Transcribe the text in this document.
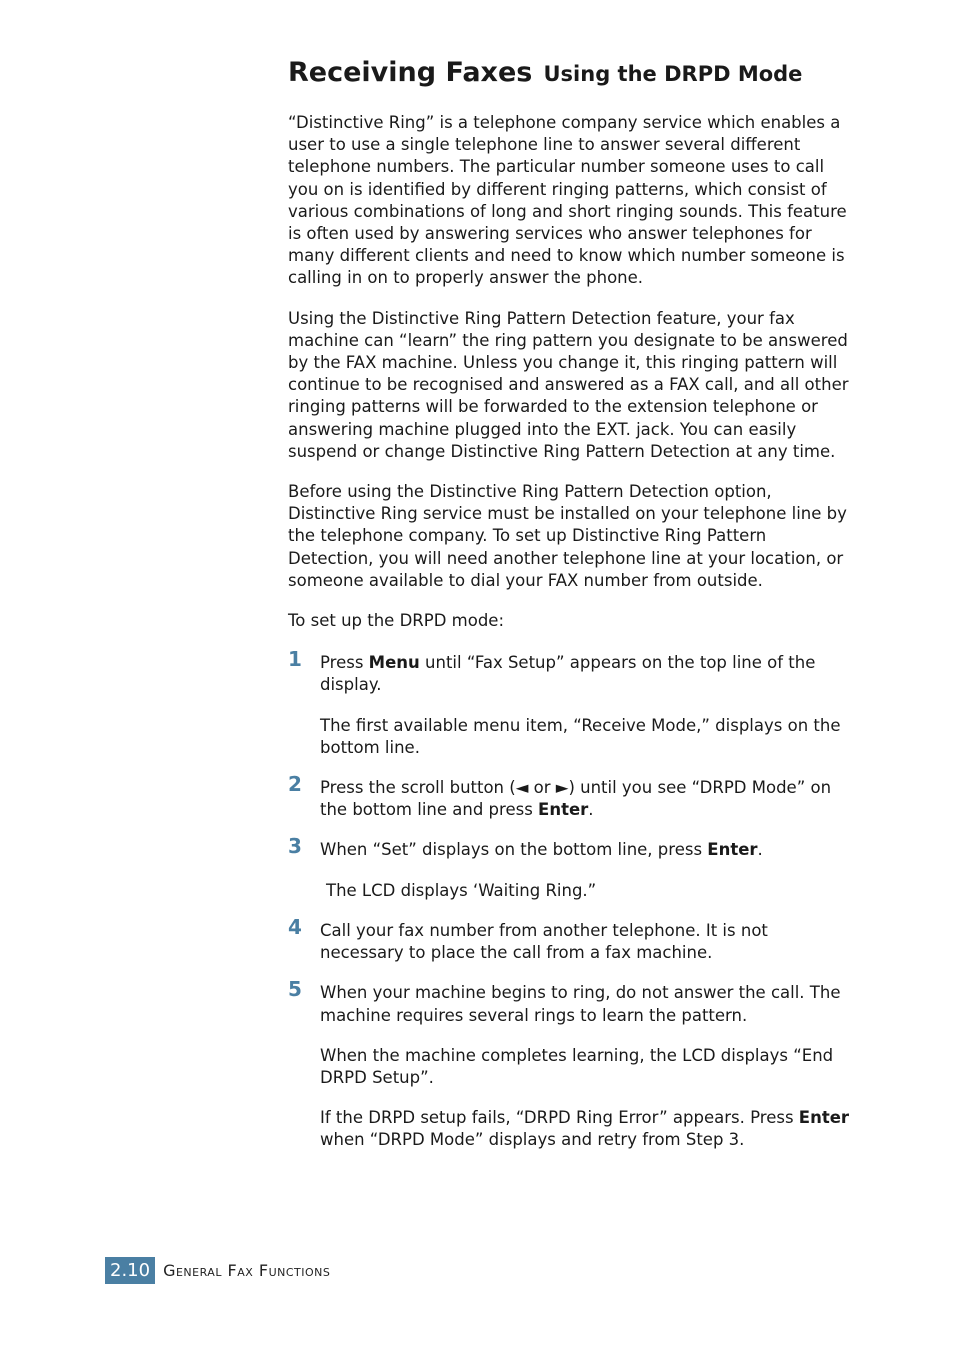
Receiving Faxes Using the DRPD Mode

“Distinctive Ring” is a telephone company service which enables a user to use a single telephone line to answer several different telephone numbers. The particular number someone uses to call you on is identified by different ringing patterns, which consist of various combinations of long and short ringing sounds. This feature is often used by answering services who answer telephones for many different clients and need to know which number someone is calling in on to properly answer the phone.

Using the Distinctive Ring Pattern Detection feature, your fax machine can “learn” the ring pattern you designate to be answered by the FAX machine. Unless you change it, this ringing pattern will continue to be recognised and answered as a FAX call, and all other ringing patterns will be forwarded to the extension telephone or answering machine plugged into the EXT. jack. You can easily suspend or change Distinctive Ring Pattern Detection at any time.

Before using the Distinctive Ring Pattern Detection option, Distinctive Ring service must be installed on your telephone line by the telephone company. To set up Distinctive Ring Pattern Detection, you will need another telephone line at your location, or someone available to dial your FAX number from outside.

To set up the DRPD mode:

1 Press Menu until “Fax Setup” appears on the top line of the display.

The first available menu item, “Receive Mode,” displays on the bottom line.

2 Press the scroll button (◄ or ►) until you see “DRPD Mode” on the bottom line and press Enter.

3 When “Set” displays on the bottom line, press Enter.

The LCD displays ‘Waiting Ring.”

4 Call your fax number from another telephone. It is not necessary to place the call from a fax machine.

5 When your machine begins to ring, do not answer the call. The machine requires several rings to learn the pattern.

When the machine completes learning, the LCD displays “End DRPD Setup”.

If the DRPD setup fails, “DRPD Ring Error” appears. Press Enter when “DRPD Mode” displays and retry from Step 3.

2.10 General Fax Functions
